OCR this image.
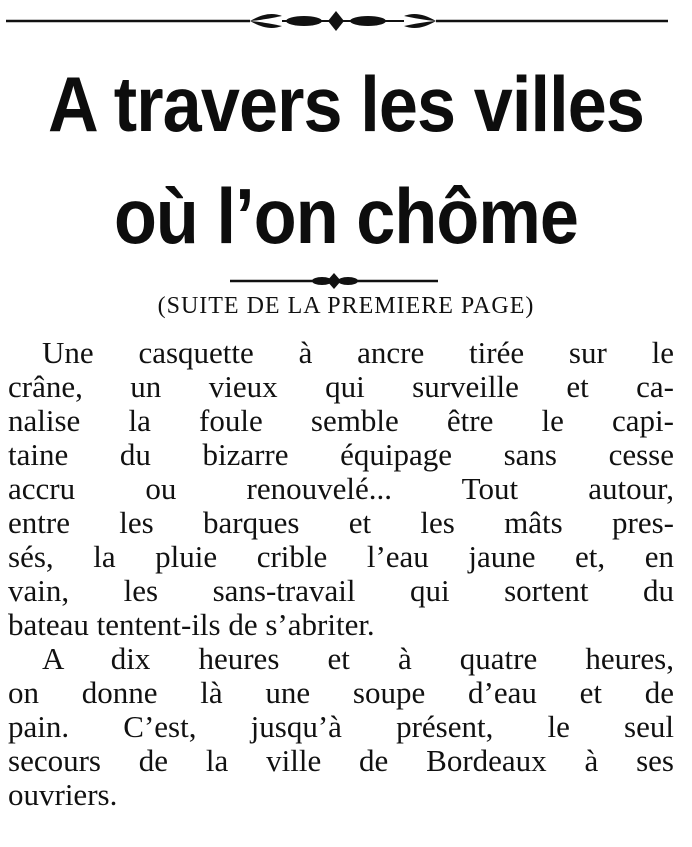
A travers les villes
où l’on chôme
(SUITE DE LA PREMIERE PAGE)

Une casquette à ancre tirée sur le
crâne, un vieux qui surveille et ca-
nalise la foule semble être le capi-
taine du bizarre équipage sans cesse
accru ou renouvelé... Tout autour,
entre les barques et les mâts pres-
sés, la pluie crible l’eau jaune et, en
vain, les sans-travail qui sortent du
bateau tentent-ils de s’abriter.

A dix heures et à quatre heures,
on donne là une soupe d’eau et de
pain. C’est, jusqu’à présent, le seul
secours de la ville de Bordeaux à ses
ouvriers.
